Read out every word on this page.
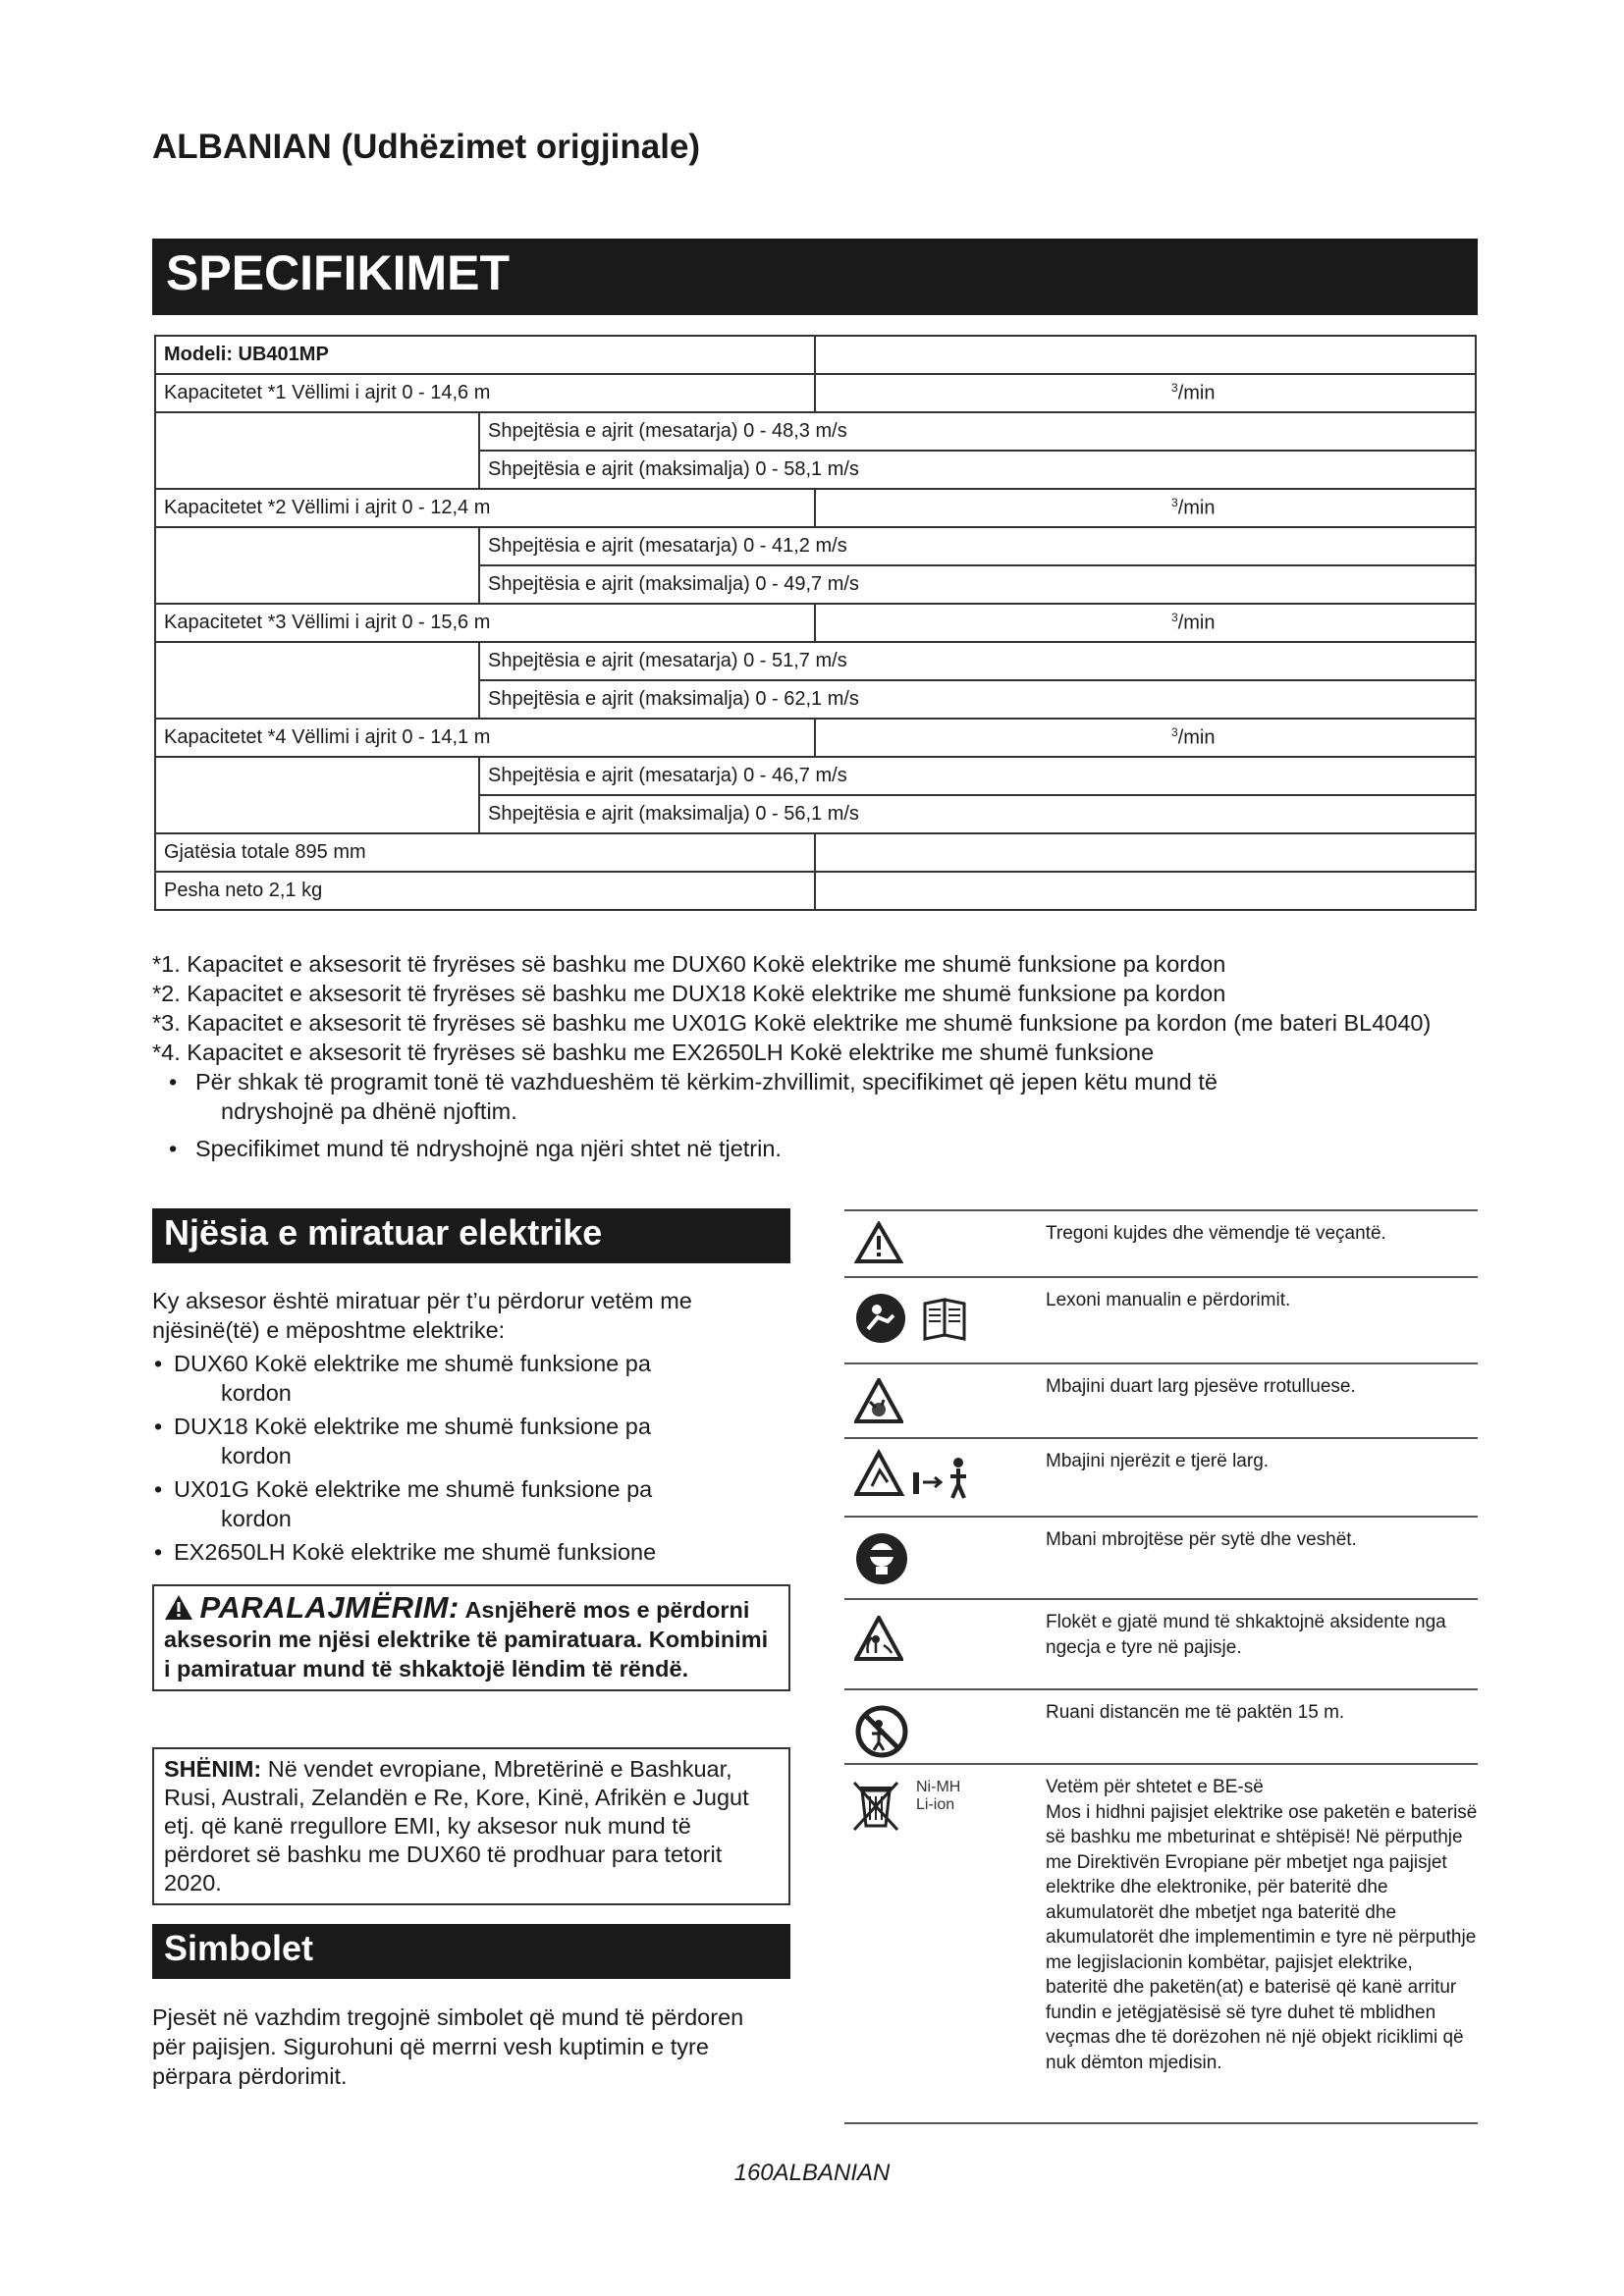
ALBANIAN (Udhëzimet origjinale)
SPECIFIKIMET
Modeli: UB401MP		

Kapacitetet *1 Vëllimi i ajrit 0 - 14,6 m		$^3$/min

	Shpejtësia e ajrit (mesatarja) 0 - 48,3 m/s	

	Shpejtësia e ajrit (maksimalja) 0 - 58,1 m/s	

Kapacitetet *2 Vëllimi i ajrit 0 - 12,4 m		$^3$/min

	Shpejtësia e ajrit (mesatarja) 0 - 41,2 m/s	

	Shpejtësia e ajrit (maksimalja) 0 - 49,7 m/s	

Kapacitetet *3 Vëllimi i ajrit 0 - 15,6 m		$^3$/min

	Shpejtësia e ajrit (mesatarja) 0 - 51,7 m/s	

	Shpejtësia e ajrit (maksimalja) 0 - 62,1 m/s	

Kapacitetet *4 Vëllimi i ajrit 0 - 14,1 m		$^3$/min

	Shpejtësia e ajrit (mesatarja) 0 - 46,7 m/s	

	Shpejtësia e ajrit (maksimalja) 0 - 56,1 m/s	

Gjatësia totale 895 mm		

Pesha neto 2,1 kg		

*1. Kapacitet e aksesorit të fryrëses së bashku me DUX60 Kokë elektrike me shumë funksione pa kordon

*2. Kapacitet e aksesorit të fryrëses së bashku me DUX18 Kokë elektrike me shumë funksione pa kordon

*3. Kapacitet e aksesorit të fryrëses së bashku me UX01G Kokë elektrike me shumë funksione pa kordon (me bateri BL4040)

*4. Kapacitet e aksesorit të fryrëses së bashku me EX2650LH Kokë elektrike me shumë funksione

• Për shkak të programit tonë të vazhdueshëm të kërkim-zhvillimit, specifikimet që jepen këtu mund të
ndryshojnë pa dhënë njoftim.

• Specifikimet mund të ndryshojnë nga njëri shtet në tjetrin.

Njësia e miratuar elektrike

Ky aksesor është miratuar për t’u përdorur vetëm me njësinë(të) e mëposhtme elektrike:

• DUX60 Kokë elektrike me shumë funksione pa
kordon
• DUX18 Kokë elektrike me shumë funksione pa
kordon
• UX01G Kokë elektrike me shumë funksione pa
kordon
• EX2650LH Kokë elektrike me shumë funksione
PARALAJMËRIM: Asnjëherë mos e përdorni aksesorin me njësi elektrike të pamiratuara. Kombinimi i pamiratuar mund të shkaktojë lëndim të rëndë.
SHËNIM: Në vendet evropiane, Mbretërinë e Bashkuar, Rusi, Australi, Zelandën e Re, Kore, Kinë, Afrikën e Jugut etj. që kanë rregullore EMI, ky aksesor nuk mund të përdoret së bashku me DUX60 të prodhuar para tetorit 2020.
Simbolet
Pjesët në vazhdim tregojnë simbolet që mund të përdoren për pajisjen. Sigurohuni që merrni vesh kuptimin e tyre përpara përdorimit.
Tregoni kujdes dhe vëmendje të veçantë.
Lexoni manualin e përdorimit.
Mbajini duart larg pjesëve rrotulluese.
Mbajini njerëzit e tjerë larg.
Mbani mbrojtëse për sytë dhe veshët.
Flokët e gjatë mund të shkaktojnë aksidente nga ngecja e tyre në pajisje.
Ruani distancën me të paktën 15 m.
Ni-MH
Li-ion
Vetëm për shtetet e BE-së
Mos i hidhni pajisjet elektrike ose paketën e baterisë së bashku me mbeturinat e shtëpisë! Në përputhje me Direktivën Evropiane për mbetjet nga pajisjet elektrike dhe elektronike, për bateritë dhe akumulatorët dhe mbetjet nga bateritë dhe akumulatorët dhe implementimin e tyre në përputhje me legjislacionin kombëtar, pajisjet elektrike, bateritë dhe paketën(at) e baterisë që kanë arritur fundin e jetëgjatësisë së tyre duhet të mblidhen veçmas dhe të dorëzohen në një objekt riciklimi që nuk dëmton mjedisin.
160ALBANIAN
